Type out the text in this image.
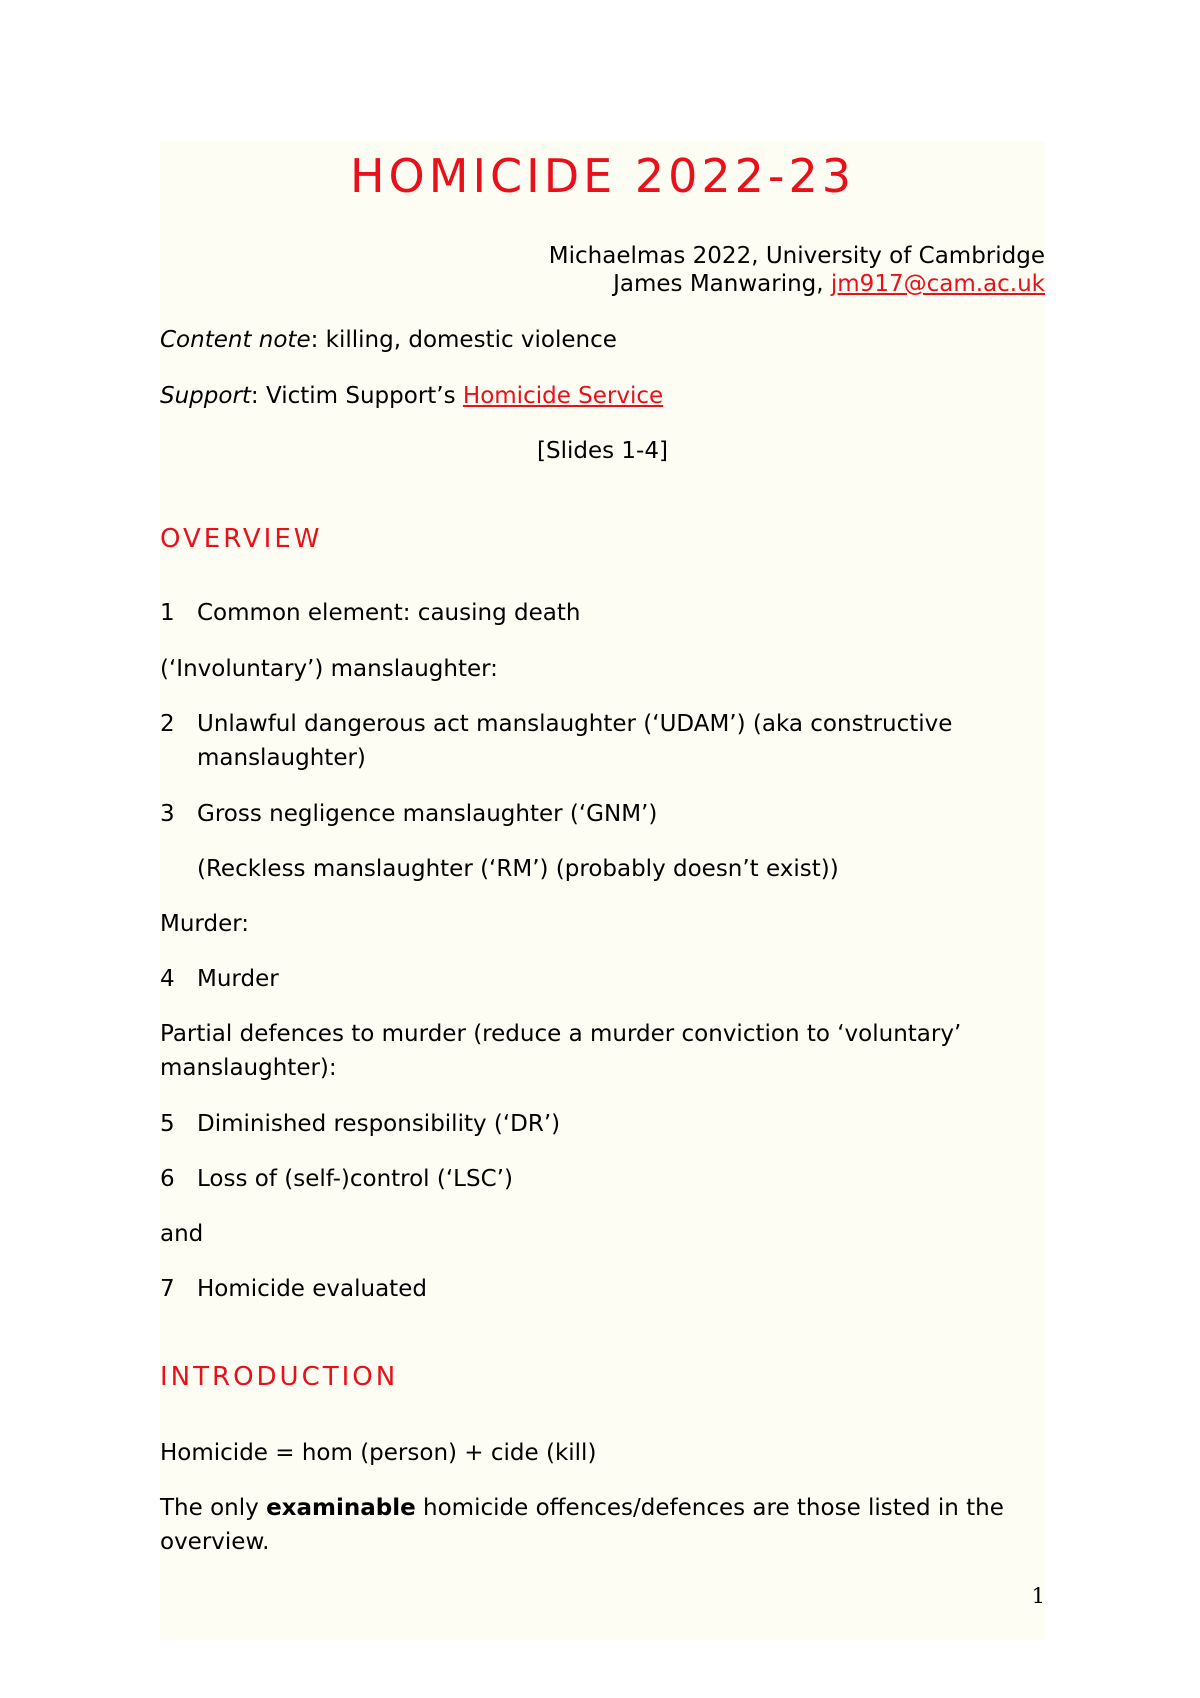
HOMICIDE 2022-23
Michaelmas 2022, University of Cambridge
James Manwaring, jm917@cam.ac.uk
Content note: killing, domestic violence
Support: Victim Support’s Homicide Service
[Slides 1-4]
OVERVIEW
1 Common element: causing death
(‘Involuntary’) manslaughter:
2 Unlawful dangerous act manslaughter (‘UDAM’) (aka constructive manslaughter)
3 Gross negligence manslaughter (‘GNM’)
(Reckless manslaughter (‘RM’) (probably doesn’t exist))
Murder:
4 Murder
Partial defences to murder (reduce a murder conviction to ‘voluntary’ manslaughter):
5 Diminished responsibility (‘DR’)
6 Loss of (self-)control (‘LSC’)
and
7 Homicide evaluated
INTRODUCTION
Homicide = hom (person) + cide (kill)
The only examinable homicide offences/defences are those listed in the overview.
1
